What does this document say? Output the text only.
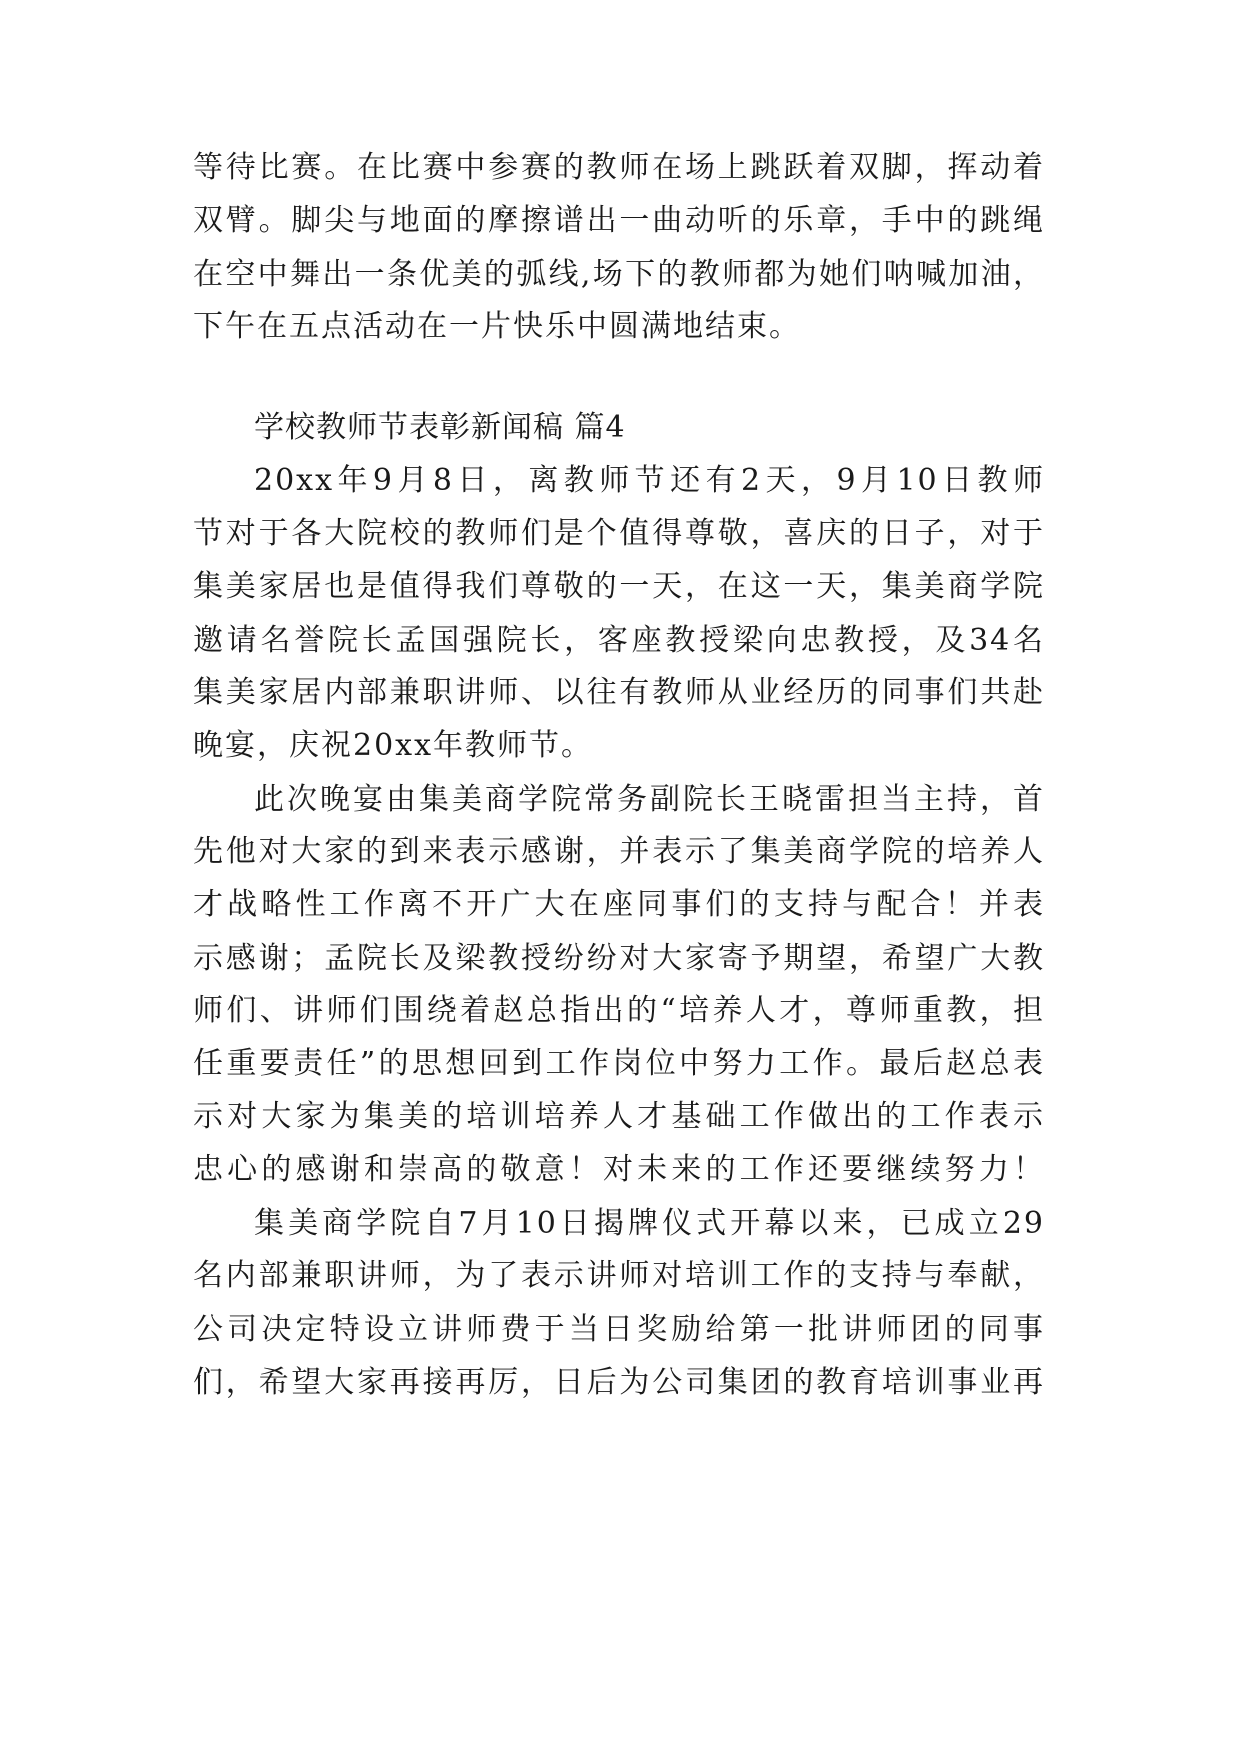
等待比赛。在比赛中参赛的教师在场上跳跃着双脚，挥动着
双臂。脚尖与地面的摩擦谱出一曲动听的乐章，手中的跳绳
在空中舞出一条优美的弧线,场下的教师都为她们呐喊加油，
下午在五点活动在一片快乐中圆满地结束。
学校教师节表彰新闻稿 篇4
20xx年9月8日，离教师节还有2天，9月10日教师
节对于各大院校的教师们是个值得尊敬，喜庆的日子，对于
集美家居也是值得我们尊敬的一天，在这一天，集美商学院
邀请名誉院长孟国强院长，客座教授梁向忠教授，及34名
集美家居内部兼职讲师、以往有教师从业经历的同事们共赴
晚宴，庆祝20xx年教师节。
此次晚宴由集美商学院常务副院长王晓雷担当主持，首
先他对大家的到来表示感谢，并表示了集美商学院的培养人
才战略性工作离不开广大在座同事们的支持与配合！并表
示感谢；孟院长及梁教授纷纷对大家寄予期望，希望广大教
师们、讲师们围绕着赵总指出的“培养人才，尊师重教，担
任重要责任”的思想回到工作岗位中努力工作。最后赵总表
示对大家为集美的培训培养人才基础工作做出的工作表示
忠心的感谢和崇高的敬意！对未来的工作还要继续努力！
集美商学院自7月10日揭牌仪式开幕以来，已成立29
名内部兼职讲师，为了表示讲师对培训工作的支持与奉献，
公司决定特设立讲师费于当日奖励给第一批讲师团的同事
们，希望大家再接再厉，日后为公司集团的教育培训事业再
